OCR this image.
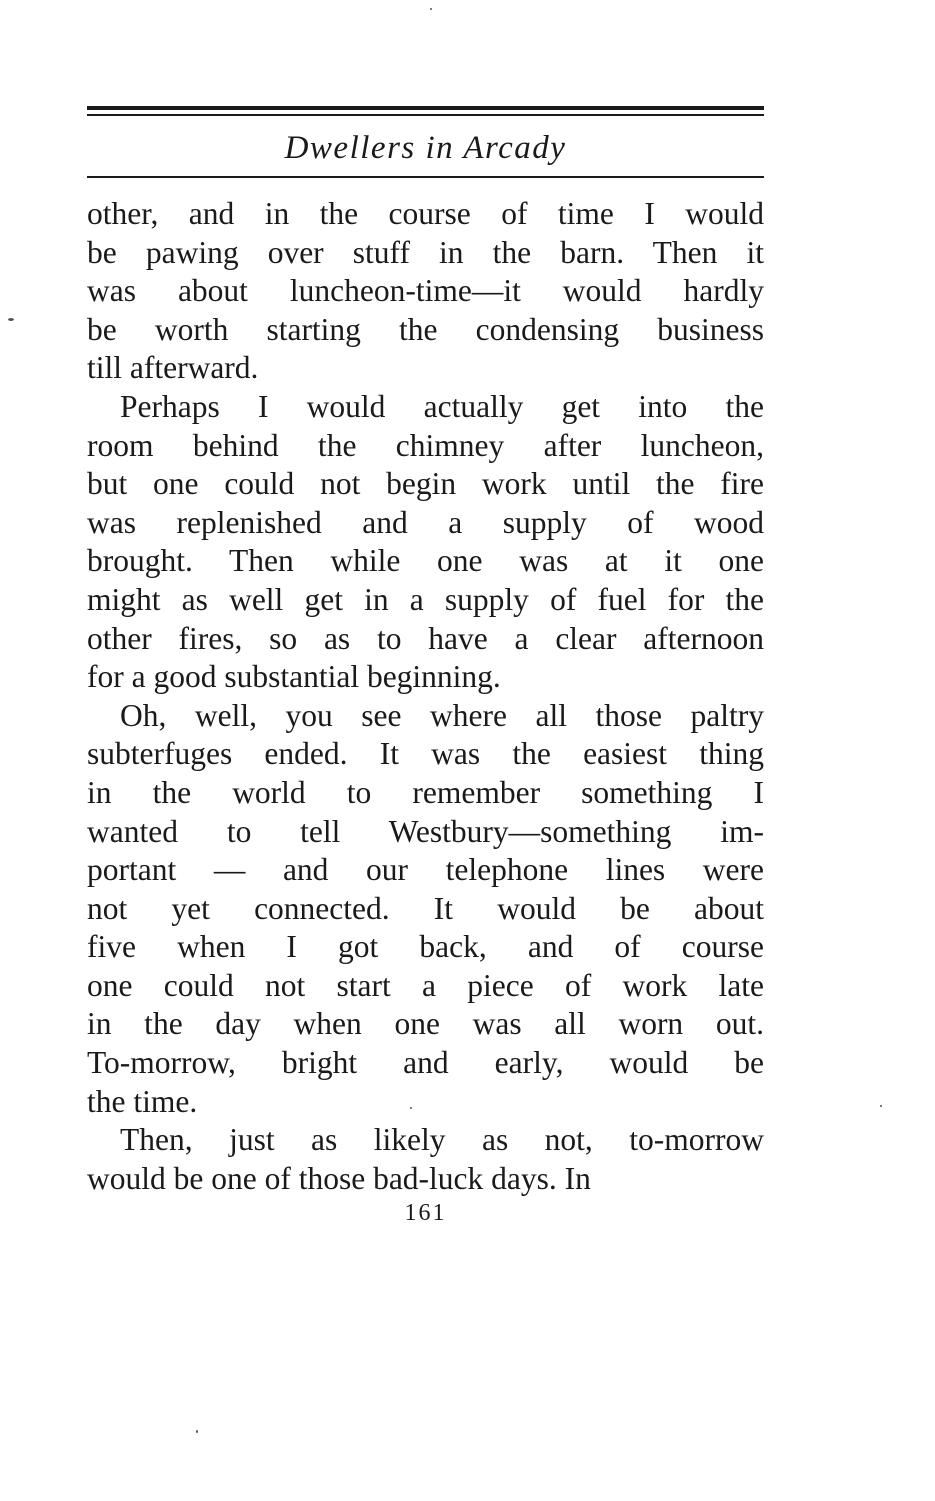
Dwellers in Arcady
other, and in the course of time I would
be pawing over stuff in the barn. Then it
was about luncheon-time—it would hardly
be worth starting the condensing business
till afterward.
Perhaps I would actually get into the
room behind the chimney after luncheon,
but one could not begin work until the fire
was replenished and a supply of wood
brought. Then while one was at it one
might as well get in a supply of fuel for the
other fires, so as to have a clear afternoon
for a good substantial beginning.
Oh, well, you see where all those paltry
subterfuges ended. It was the easiest thing
in the world to remember something I
wanted to tell Westbury—something im-
portant — and our telephone lines were
not yet connected. It would be about
five when I got back, and of course
one could not start a piece of work late
in the day when one was all worn out.
To-morrow, bright and early, would be
the time.
Then, just as likely as not, to-morrow
would be one of those bad-luck days. In
161
